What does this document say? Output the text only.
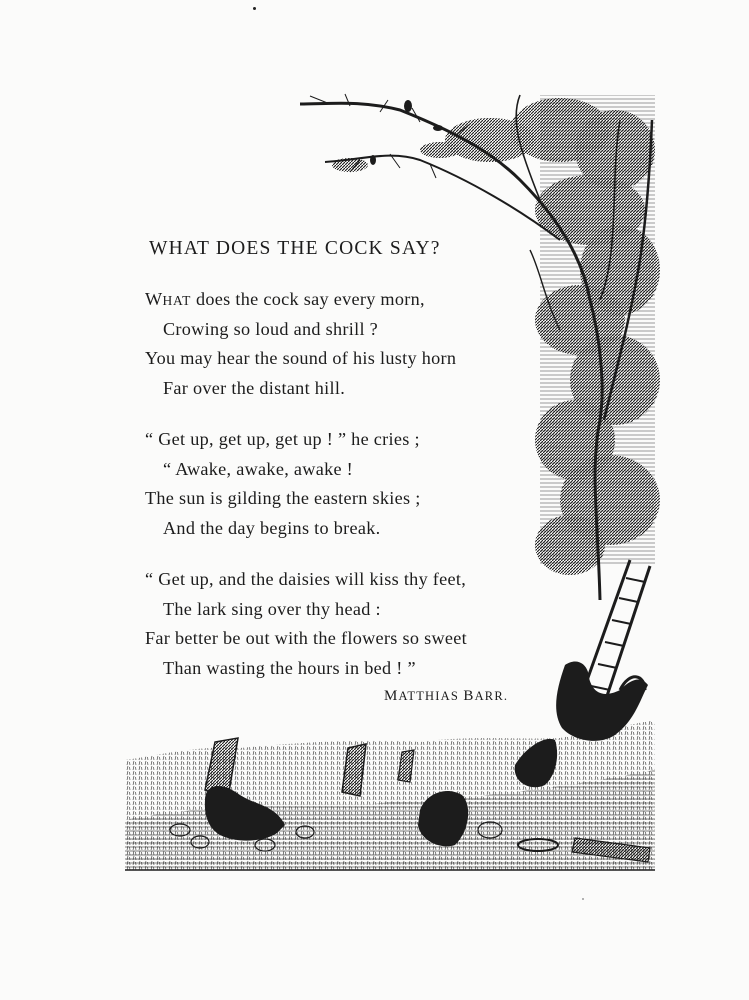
WHAT DOES THE COCK SAY?
WHAT does the cock say every morn,
Crowing so loud and shrill ?
You may hear the sound of his lusty horn
Far over the distant hill.
“ Get up, get up, get up ! ” he cries ;
“ Awake, awake, awake !
The sun is gilding the eastern skies ;
And the day begins to break.
“ Get up, and the daisies will kiss thy feet,
The lark sing over thy head :
Far better be out with the flowers so sweet
Than wasting the hours in bed ! ”
MATTHIAS BARR.
